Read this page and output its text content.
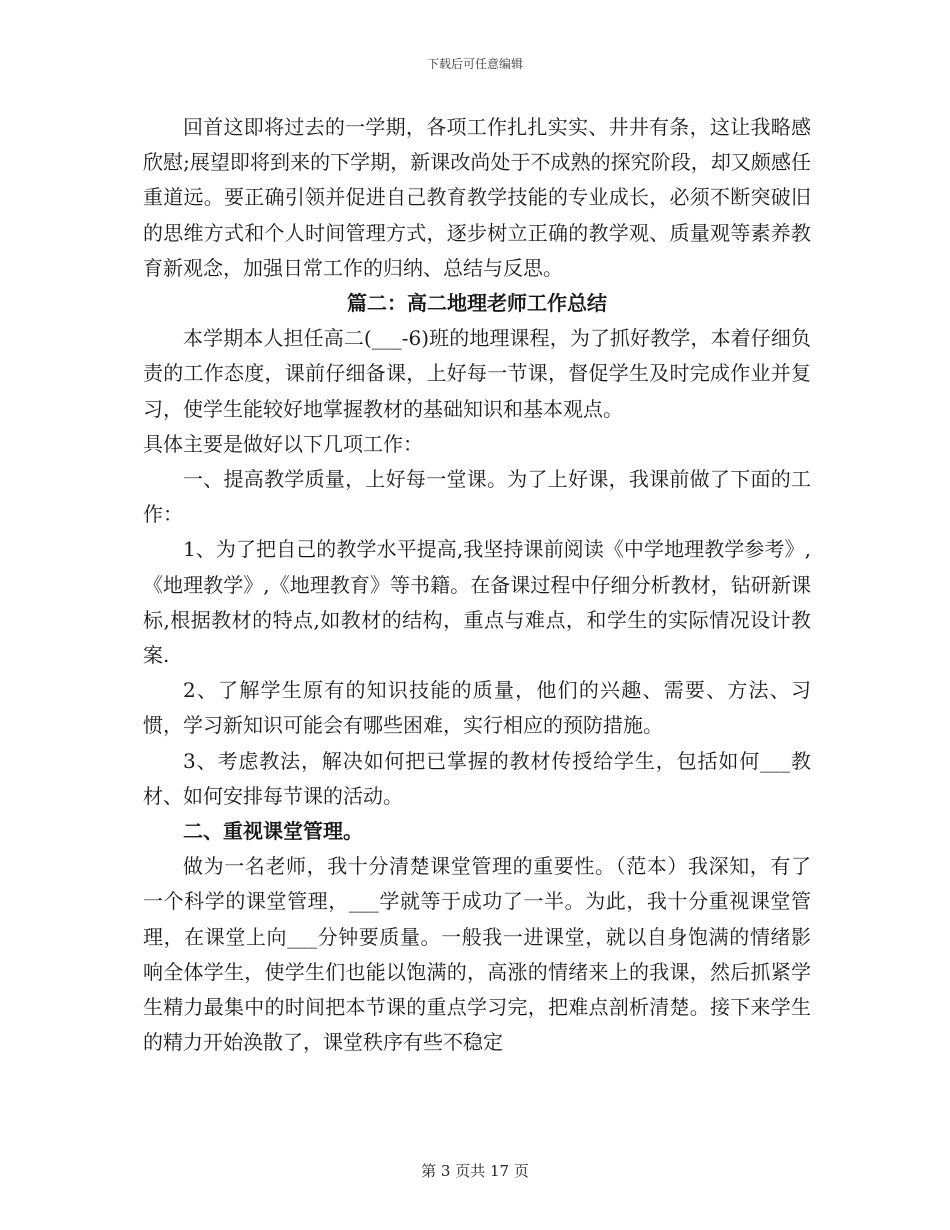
下载后可任意编辑

回首这即将过去的一学期，各项工作扎扎实实、井井有条，这让我略感欣慰;展望即将到来的下学期，新课改尚处于不成熟的探究阶段，却又颇感任重道远。要正确引领并促进自己教育教学技能的专业成长，必须不断突破旧的思维方式和个人时间管理方式，逐步树立正确的教学观、质量观等素养教育新观念，加强日常工作的归纳、总结与反思。

篇二：高二地理老师工作总结

本学期本人担任高二(___-6)班的地理课程，为了抓好教学，本着仔细负责的工作态度，课前仔细备课，上好每一节课，督促学生及时完成作业并复习，使学生能较好地掌握教材的基础知识和基本观点。

具体主要是做好以下几项工作：

一、提高教学质量，上好每一堂课。为了上好课，我课前做了下面的工作：

1、为了把自己的教学水平提高,我坚持课前阅读《中学地理教学参考》,《地理教学》,《地理教育》等书籍。在备课过程中仔细分析教材，钻研新课标,根据教材的特点,如教材的结构，重点与难点，和学生的实际情况设计教案.

2、了解学生原有的知识技能的质量，他们的兴趣、需要、方法、习惯，学习新知识可能会有哪些困难，实行相应的预防措施。

3、考虑教法，解决如何把已掌握的教材传授给学生，包括如何___教材、如何安排每节课的活动。

二、重视课堂管理。

做为一名老师，我十分清楚课堂管理的重要性。（范本）我深知，有了一个科学的课堂管理，___学就等于成功了一半。为此，我十分重视课堂管理，在课堂上向___分钟要质量。一般我一进课堂，就以自身饱满的情绪影响全体学生，使学生们也能以饱满的，高涨的情绪来上的我课，然后抓紧学生精力最集中的时间把本节课的重点学习完，把难点剖析清楚。接下来学生的精力开始涣散了，课堂秩序有些不稳定

第 3 页共 17 页
